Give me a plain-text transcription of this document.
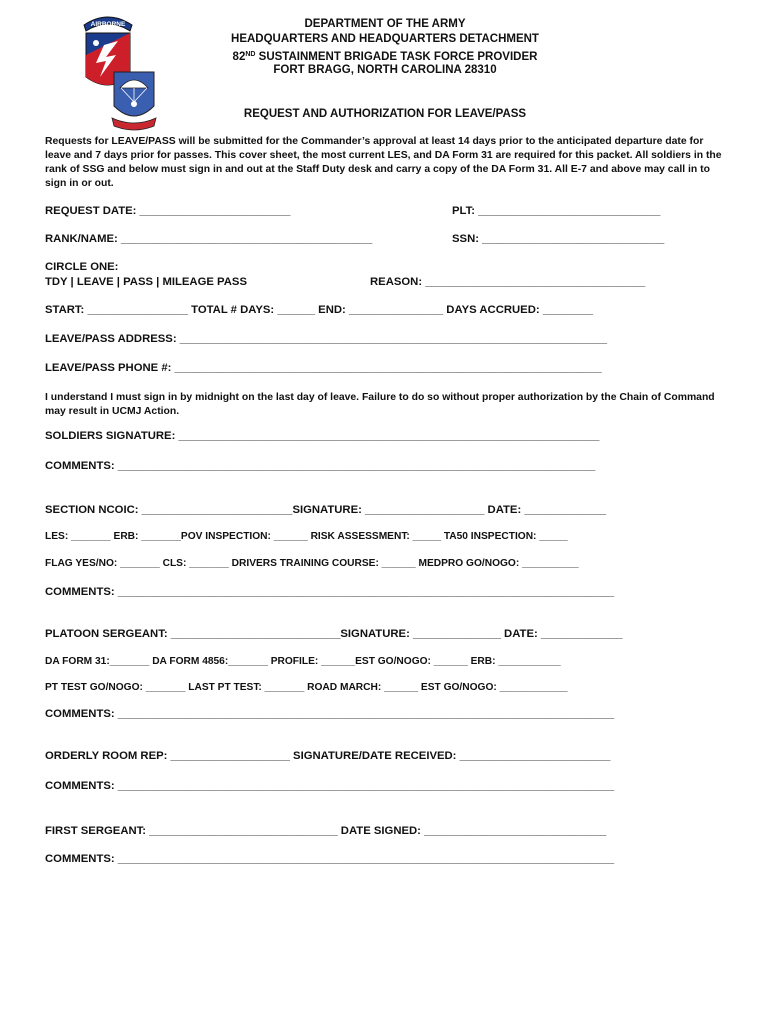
AIRBORNE	DEPARTMENT OF THE ARMY
HEADQUARTERS AND HEADQUARTERS DETACHMENT
82ND SUSTAINMENT BRIGADE TASK FORCE PROVIDER
FORT BRAGG, NORTH CAROLINA 28310
REQUEST AND AUTHORIZATION FOR LEAVE/PASS
Requests for LEAVE/PASS will be submitted for the Commander’s approval at least 14 days prior to the anticipated departure date for leave and 7 days prior for passes. This cover sheet, the most current LES, and DA Form 31 are required for this packet. All soldiers in the rank of SSG and below must sign in and out at the Staff Duty desk and carry a copy of the DA Form 31. All E-7 and above may call in to sign in or out.
REQUEST DATE: ________________________	PLT: _____________________________
RANK/NAME: ________________________________________	SSN: _____________________________
CIRCLE ONE:
TDY | LEAVE | PASS | MILEAGE PASS	REASON: ___________________________________
START: ________________ TOTAL # DAYS: ______ END: _______________ DAYS ACCRUED: ________
LEAVE/PASS ADDRESS: ____________________________________________________________________
LEAVE/PASS PHONE #: ____________________________________________________________________
I understand I must sign in by midnight on the last day of leave. Failure to do so without proper authorization by the Chain of Command may result in UCMJ Action.
SOLDIERS SIGNATURE: ___________________________________________________________________
COMMENTS: ____________________________________________________________________________
SECTION NCOIC: ________________________SIGNATURE: ___________________ DATE: _____________
LES: _______ ERB: _______POV INSPECTION: ______ RISK ASSESSMENT: _____ TA50 INSPECTION: _____
FLAG YES/NO: _______ CLS: _______ DRIVERS TRAINING COURSE: ______ MEDPRO GO/NOGO: __________
COMMENTS: _______________________________________________________________________________
PLATOON SERGEANT: ___________________________SIGNATURE: ______________ DATE: _____________
DA FORM 31:_______ DA FORM 4856:_______ PROFILE: ______EST GO/NOGO: ______ ERB: ___________
PT TEST GO/NOGO: _______ LAST PT TEST: _______ ROAD MARCH: ______ EST GO/NOGO: ____________
COMMENTS: _______________________________________________________________________________
ORDERLY ROOM REP: ___________________ SIGNATURE/DATE RECEIVED: ________________________
COMMENTS: _______________________________________________________________________________
FIRST SERGEANT: ______________________________ DATE SIGNED: _____________________________
COMMENTS: _______________________________________________________________________________
